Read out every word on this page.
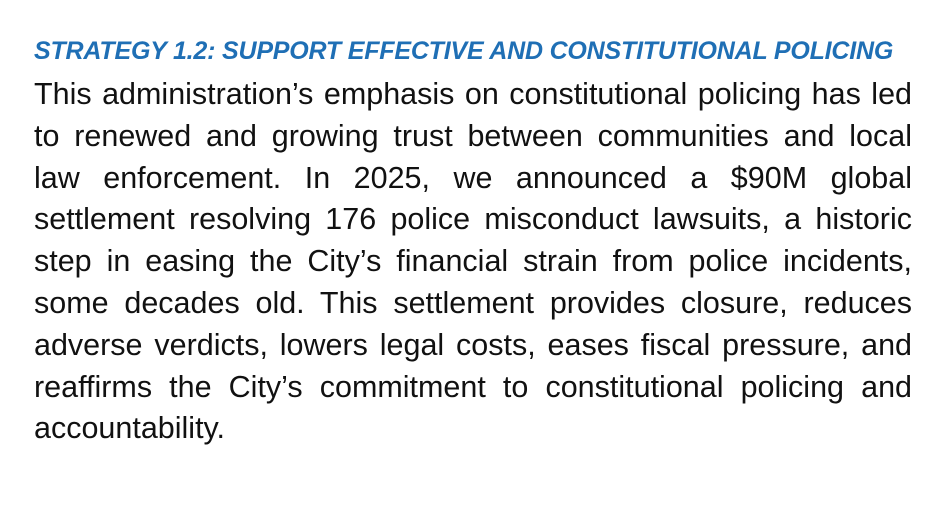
STRATEGY 1.2: SUPPORT EFFECTIVE AND CONSTITUTIONAL POLICING

This administration’s emphasis on constitutional policing has led to renewed and growing trust between communities and local law enforcement. In 2025, we announced a $90M global settlement resolving 176 police misconduct lawsuits, a historic step in easing the City’s financial strain from police incidents, some decades old. This settlement provides closure, reduces adverse verdicts, lowers legal costs, eases fiscal pressure, and reaffirms the City’s commitment to constitutional policing and accountability.
